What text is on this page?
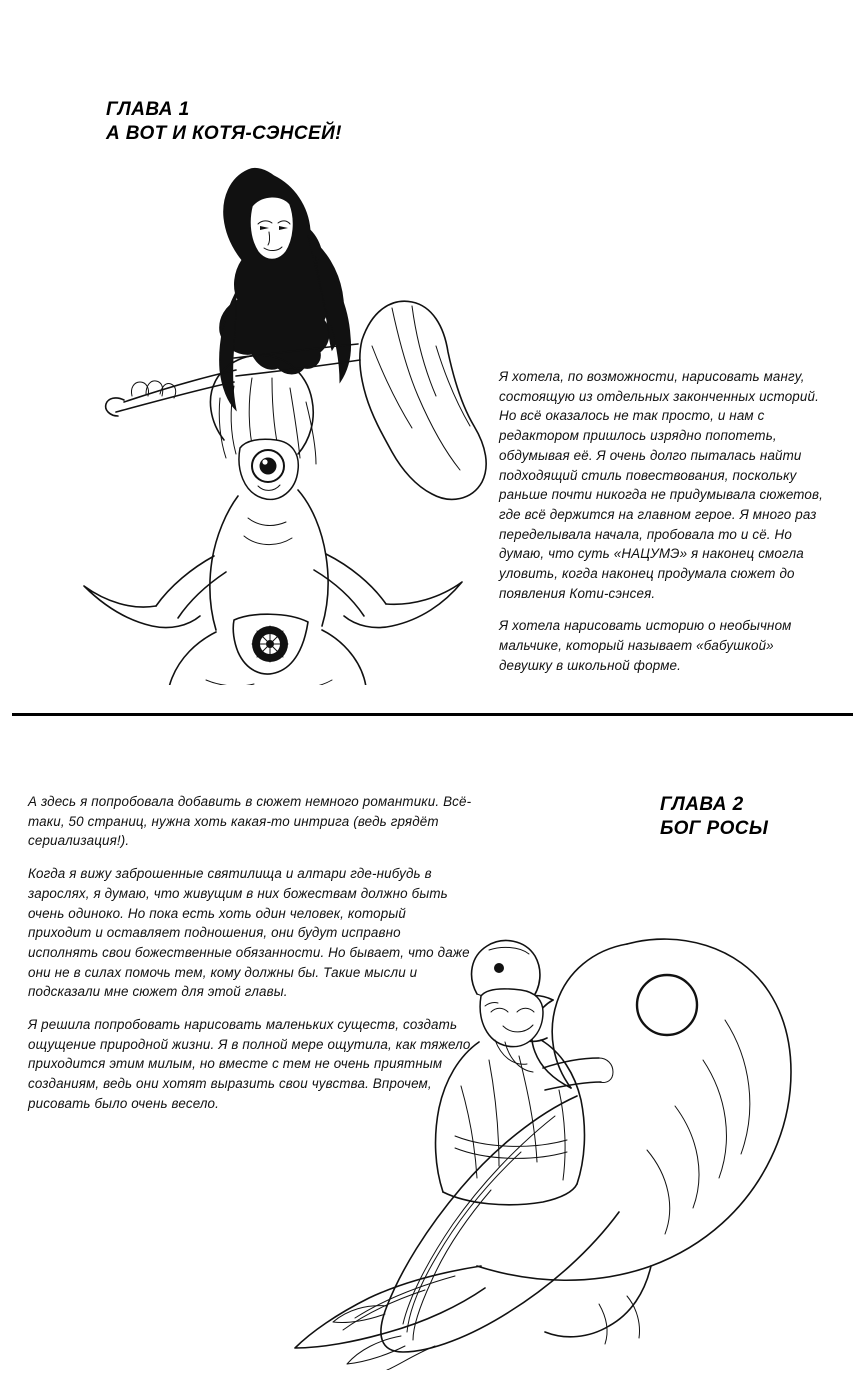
ГЛАВА 1
А ВОТ И КОТЯ-СЭНСЕЙ!

Я хотела, по возможности, нарисовать мангу, состоящую из отдельных законченных историй. Но всё оказалось не так просто, и нам с редактором пришлось изрядно попотеть, обдумывая её. Я очень долго пыталась найти подходящий стиль повествования, поскольку раньше почти никогда не придумывала сюжетов, где всё держится на главном герое. Я много раз переделывала начала, пробовала то и сё. Но думаю, что суть «НАЦУМЭ» я наконец смогла уловить, когда наконец продумала сюжет до появления Коти-сэнсея.

Я хотела нарисовать историю о необычном мальчике, который называет «бабушкой» девушку в школьной форме.

А здесь я попробовала добавить в сюжет немного романтики. Всё-таки, 50 страниц, нужна хоть какая-то интрига (ведь грядёт сериализация!).

Когда я вижу заброшенные святилища и алтари где-нибудь в зарослях, я думаю, что живущим в них божествам должно быть очень одиноко. Но пока есть хоть один человек, который приходит и оставляет подношения, они будут исправно исполнять свои божественные обязанности. Но бывает, что даже они не в силах помочь тем, кому должны бы. Такие мысли и подсказали мне сюжет для этой главы.

Я решила попробовать нарисовать маленьких существ, создать ощущение природной жизни. Я в полной мере ощутила, как тяжело приходится этим милым, но вместе с тем не очень приятным созданиям, ведь они хотят выразить свои чувства. Впрочем, рисовать было очень весело.

ГЛАВА 2
БОГ РОСЫ
